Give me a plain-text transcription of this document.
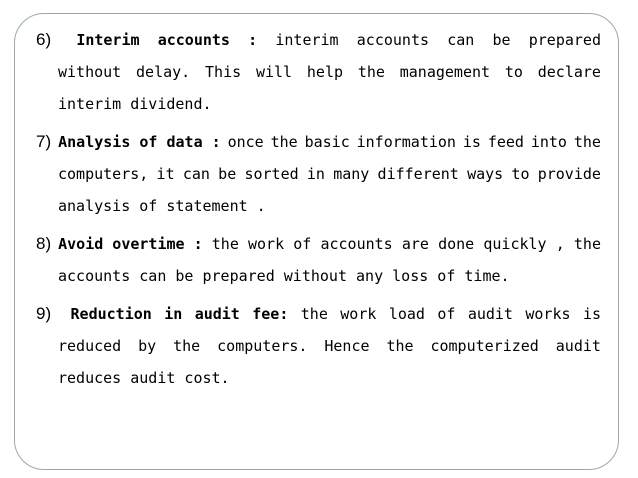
6) Interim accounts : interim accounts can be prepared
without delay. This will help the management to declare
interim dividend.
7) Analysis of data : once the basic information is feed into the
computers, it can be sorted in many different ways to provide
analysis of statement .
8) Avoid overtime : the work of accounts are done quickly , the
accounts can be prepared without any loss of time.
9) Reduction in audit fee: the work load of audit works is
reduced by the computers. Hence the computerized audit
reduces audit cost.
